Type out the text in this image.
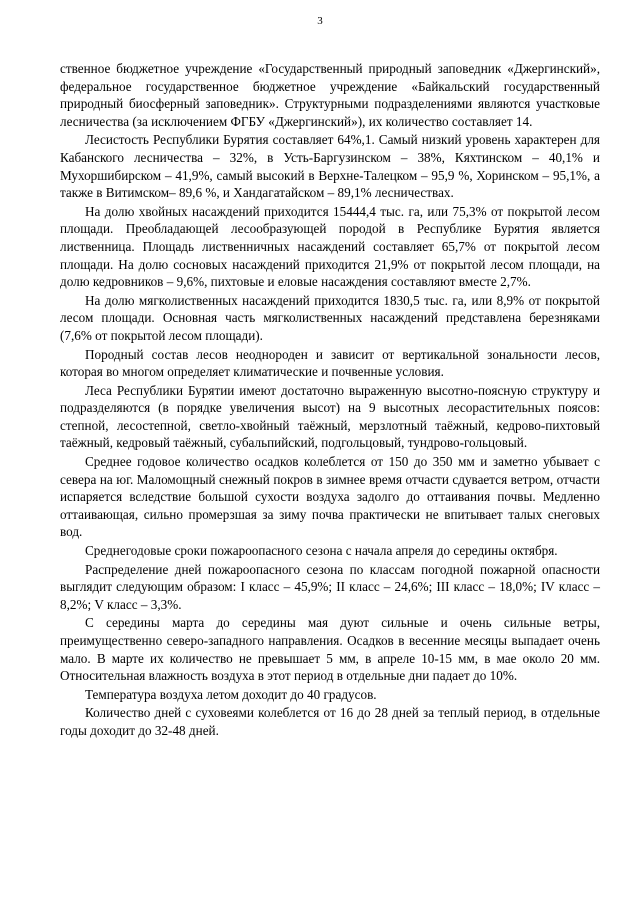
3

ственное бюджетное учреждение «Государственный природный заповедник «Джергинский», федеральное государственное бюджетное учреждение «Байкальский государственный природный биосферный заповедник». Структурными подразделениями являются участковые лесничества (за исключением ФГБУ «Джергинский»), их количество составляет 14.

Лесистость Республики Бурятия составляет 64%,1. Самый низкий уровень характерен для Кабанского лесничества – 32%, в Усть-Баргузинском – 38%, Кяхтинском – 40,1% и Мухоршибирском – 41,9%, самый высокий в Верхне-Талецком – 95,9 %, Хоринском – 95,1%, а также в Витимском– 89,6 %, и Хандагатайском – 89,1% лесничествах.

На долю хвойных насаждений приходится 15444,4 тыс. га, или 75,3% от покрытой лесом площади. Преобладающей лесообразующей породой в Республике Бурятия является лиственница. Площадь лиственничных насаждений составляет 65,7% от покрытой лесом площади. На долю сосновых насаждений приходится 21,9% от покрытой лесом площади, на долю кедровников – 9,6%, пихтовые и еловые насаждения составляют вместе 2,7%.

На долю мягколиственных насаждений приходится 1830,5 тыс. га, или 8,9% от покрытой лесом площади. Основная часть мягколиственных насаждений представлена березняками (7,6% от покрытой лесом площади).

Породный состав лесов неоднороден и зависит от вертикальной зональности лесов, которая во многом определяет климатические и почвенные условия.

Леса Республики Бурятии имеют достаточно выраженную высотно-поясную структуру и подразделяются (в порядке увеличения высот) на 9 высотных лесорастительных поясов: степной, лесостепной, светло-хвойный таёжный, мерзлотный таёжный, кедрово-пихтовый таёжный, кедровый таёжный, субальпийский, подгольцовый, тундрово-гольцовый.

Среднее годовое количество осадков колеблется от 150 до 350 мм и заметно убывает с севера на юг. Маломощный снежный покров в зимнее время отчасти сдувается ветром, отчасти испаряется вследствие большой сухости воздуха задолго до оттаивания почвы. Медленно оттаивающая, сильно промерзшая за зиму почва практически не впитывает талых снеговых вод.

Среднегодовые сроки пожароопасного сезона с начала апреля до середины октября.

Распределение дней пожароопасного сезона по классам погодной пожарной опасности выглядит следующим образом: I класс – 45,9%; II класс – 24,6%; III класс – 18,0%; IV класс – 8,2%; V класс – 3,3%.

С середины марта до середины мая дуют сильные и очень сильные ветры, преимущественно северо-западного направления. Осадков в весенние месяцы выпадает очень мало. В марте их количество не превышает 5 мм, в апреле 10-15 мм, в мае около 20 мм. Относительная влажность воздуха в этот период в отдельные дни падает до 10%.

Температура воздуха летом доходит до 40 градусов.

Количество дней с суховеями колеблется от 16 до 28 дней за теплый период, в отдельные годы доходит до 32-48 дней.
